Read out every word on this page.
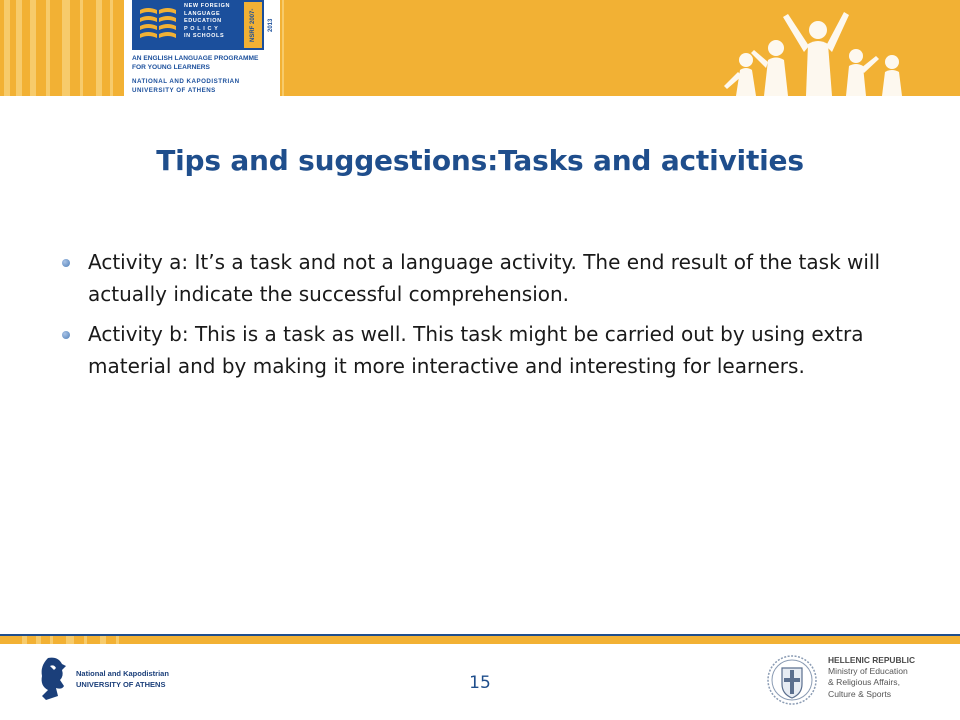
NEW FOREIGN
LANGUAGE
EDUCATION
P O L I C Y
IN SCHOOLS	NSRF 2007-2013
AN ENGLISH LANGUAGE PROGRAMME
FOR YOUNG LEARNERS
NATIONAL AND KAPODISTRIAN
UNIVERSITY OF ATHENS
Tips and suggestions:Tasks and activities
Activity a: It’s a task and not a language activity. The end result of the task will actually indicate the successful comprehension.
Activity b: This is a task as well. This task might be carried out by using extra material and by making it more interactive and interesting for learners.
National and Kapodistrian
UNIVERSITY OF ATHENS	15
HELLENIC REPUBLIC
Ministry of Education
& Religious Affairs,
Culture & Sports
